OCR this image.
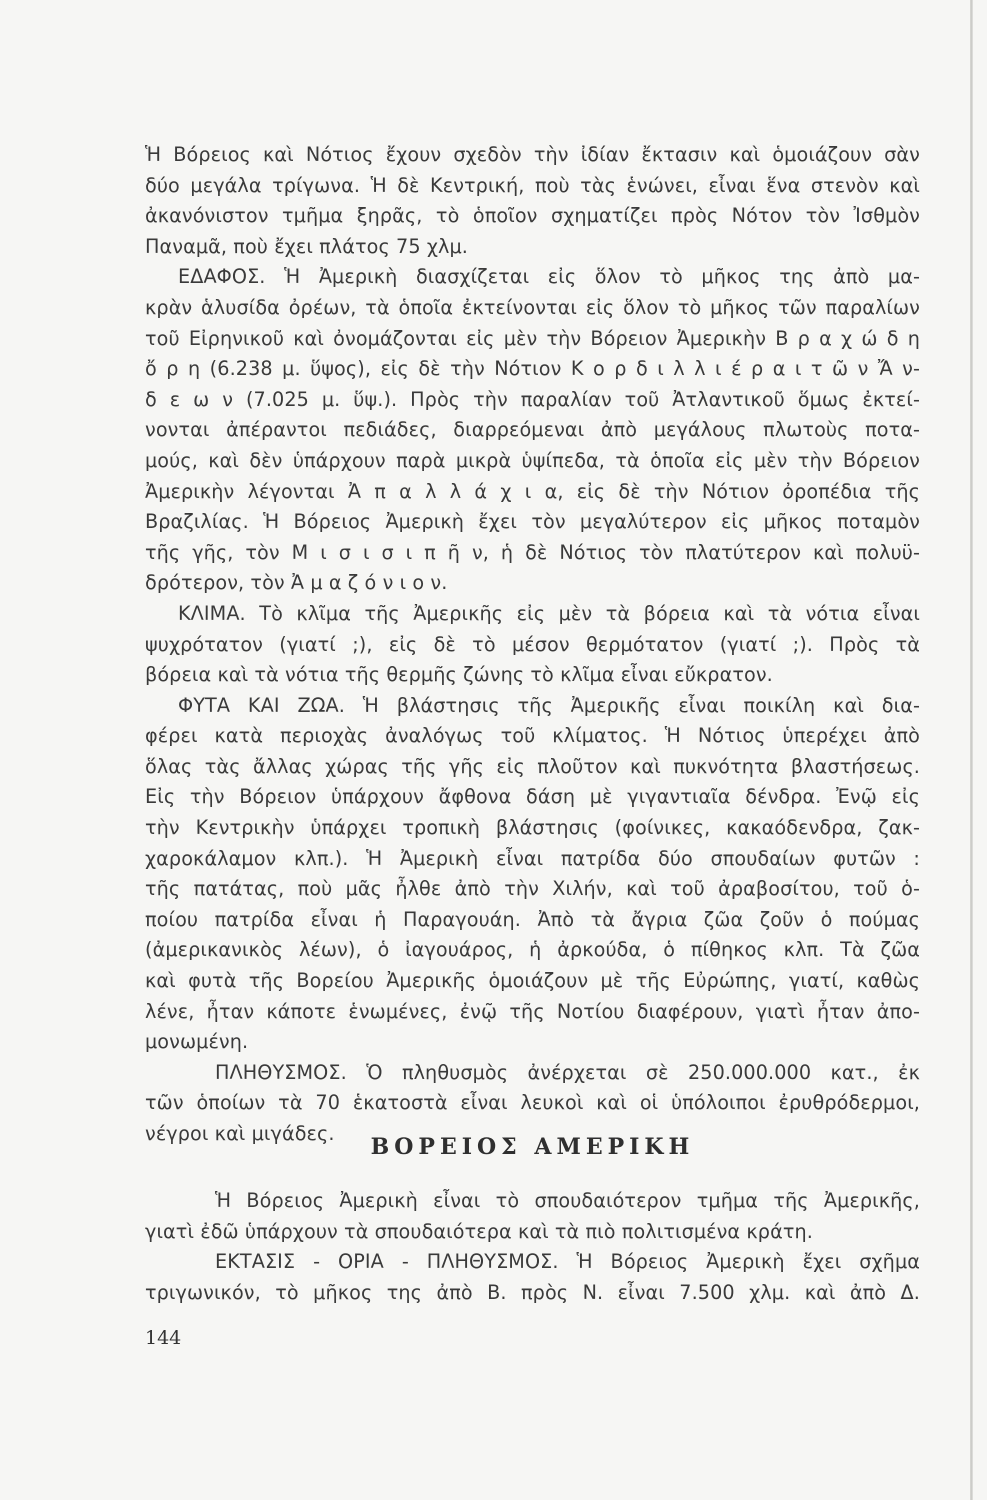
Ἡ Βόρειος καὶ Νότιος ἔχουν σχεδὸν τὴν ἰδίαν ἔκτασιν καὶ ὁμοιάζουν σὰν
δύο μεγάλα τρίγωνα. Ἡ δὲ Κεντρική, ποὺ τὰς ἑνώνει, εἶναι ἕνα στενὸν καὶ
ἀκανόνιστον τμῆμα ξηρᾶς, τὸ ὁποῖον σχηματίζει πρὸς Νότον τὸν Ἰσθμὸν
Παναμᾶ, ποὺ ἔχει πλάτος 75 χλμ.
ΕΔΑΦΟΣ. Ἡ Ἀμερικὴ διασχίζεται εἰς ὅλον τὸ μῆκος της ἀπὸ μα-
κρὰν ἁλυσίδα ὀρέων, τὰ ὁποῖα ἐκτείνονται εἰς ὅλον τὸ μῆκος τῶν παραλίων
τοῦ Εἰρηνικοῦ καὶ ὀνομάζονται εἰς μὲν τὴν Βόρειον Ἀμερικὴν Β ρ α χ ώ δ η
ὄ ρ η (6.238 μ. ὕψος), εἰς δὲ τὴν Νότιον Κ ο ρ δ ι λ λ ι έ ρ α ι τ ῶ ν Ἄ ν-
δ ε ω ν (7.025 μ. ὕψ.). Πρὸς τὴν παραλίαν τοῦ Ἀτλαντικοῦ ὅμως ἐκτεί-
νονται ἀπέραντοι πεδιάδες, διαρρεόμεναι ἀπὸ μεγάλους πλωτοὺς ποτα-
μούς, καὶ δὲν ὑπάρχουν παρὰ μικρὰ ὑψίπεδα, τὰ ὁποῖα εἰς μὲν τὴν Βόρειον
Ἀμερικὴν λέγονται Ἀ π α λ λ ά χ ι α, εἰς δὲ τὴν Νότιον ὀροπέδια τῆς
Βραζιλίας. Ἡ Βόρειος Ἀμερικὴ ἔχει τὸν μεγαλύτερον εἰς μῆκος ποταμὸν
τῆς γῆς, τὸν Μ ι σ ι σ ι π ῆ ν, ἡ δὲ Νότιος τὸν πλατύτερον καὶ πολυϋ-
δρότερον, τὸν Ἀ μ α ζ ό ν ι ο ν.
ΚΛΙΜΑ. Τὸ κλῖμα τῆς Ἀμερικῆς εἰς μὲν τὰ βόρεια καὶ τὰ νότια εἶναι
ψυχρότατον (γιατί ;), εἰς δὲ τὸ μέσον θερμότατον (γιατί ;). Πρὸς τὰ
βόρεια καὶ τὰ νότια τῆς θερμῆς ζώνης τὸ κλῖμα εἶναι εὔκρατον.
ΦΥΤΑ ΚΑΙ ΖΩΑ. Ἡ βλάστησις τῆς Ἀμερικῆς εἶναι ποικίλη καὶ δια-
φέρει κατὰ περιοχὰς ἀναλόγως τοῦ κλίματος. Ἡ Νότιος ὑπερέχει ἀπὸ
ὅλας τὰς ἄλλας χώρας τῆς γῆς εἰς πλοῦτον καὶ πυκνότητα βλαστήσεως.
Εἰς τὴν Βόρειον ὑπάρχουν ἄφθονα δάση μὲ γιγαντιαῖα δένδρα. Ἐνῷ εἰς
τὴν Κεντρικὴν ὑπάρχει τροπικὴ βλάστησις (φοίνικες, κακαόδενδρα, ζακ-
χαροκάλαμον κλπ.). Ἡ Ἀμερικὴ εἶναι πατρίδα δύο σπουδαίων φυτῶν :
τῆς πατάτας, ποὺ μᾶς ἦλθε ἀπὸ τὴν Χιλήν, καὶ τοῦ ἀραβοσίτου, τοῦ ὁ-
ποίου πατρίδα εἶναι ἡ Παραγουάη. Ἀπὸ τὰ ἄγρια ζῶα ζοῦν ὁ πούμας
(ἀμερικανικὸς λέων), ὁ ἰαγουάρος, ἡ ἀρκούδα, ὁ πίθηκος κλπ. Τὰ ζῶα
καὶ φυτὰ τῆς Βορείου Ἀμερικῆς ὁμοιάζουν μὲ τῆς Εὐρώπης, γιατί, καθὼς
λένε, ἦταν κάποτε ἑνωμένες, ἐνῷ τῆς Νοτίου διαφέρουν, γιατὶ ἦταν ἀπο-
μονωμένη.
ΠΛΗΘΥΣΜΟΣ. Ὁ πληθυσμὸς ἀνέρχεται σὲ 250.000.000 κατ., ἐκ
τῶν ὁποίων τὰ 70 ἑκατοστὰ εἶναι λευκοὶ καὶ οἱ ὑπόλοιποι ἐρυθρόδερμοι,
νέγροι καὶ μιγάδες.
ΒΟΡΕΙΟΣ ΑΜΕΡΙΚΗ
Ἡ Βόρειος Ἀμερικὴ εἶναι τὸ σπουδαιότερον τμῆμα τῆς Ἀμερικῆς,
γιατὶ ἐδῶ ὑπάρχουν τὰ σπουδαιότερα καὶ τὰ πιὸ πολιτισμένα κράτη.
ΕΚΤΑΣΙΣ - ΟΡΙΑ - ΠΛΗΘΥΣΜΟΣ. Ἡ Βόρειος Ἀμερικὴ ἔχει σχῆμα
τριγωνικόν, τὸ μῆκος της ἀπὸ Β. πρὸς Ν. εἶναι 7.500 χλμ. καὶ ἀπὸ Δ.
144
